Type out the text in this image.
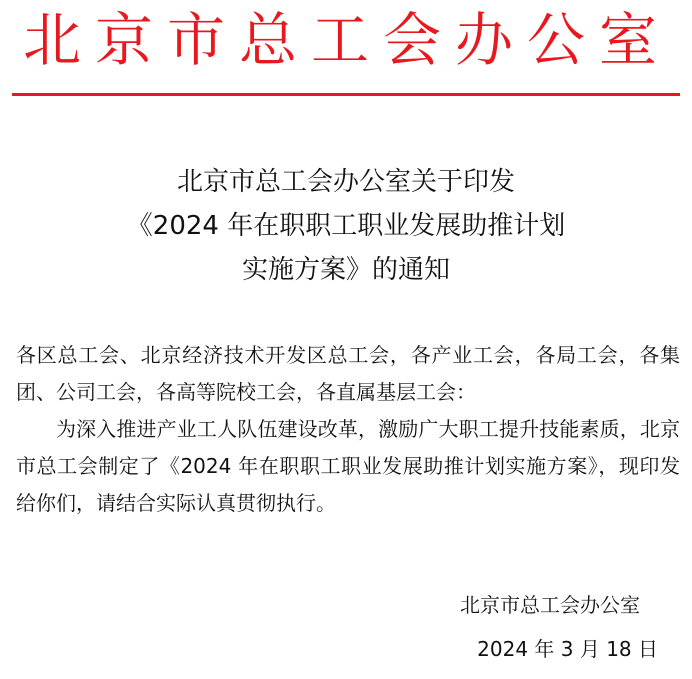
北京市总工会办公室
北京市总工会办公室关于印发
《2024 年在职职工职业发展助推计划
实施方案》的通知

各区总工会、北京经济技术开发区总工会，各产业工会，各局工会，各集团、公司工会，各高等院校工会，各直属基层工会：

为深入推进产业工人队伍建设改革，激励广大职工提升技能素质，北京市总工会制定了《2024 年在职职工职业发展助推计划实施方案》，现印发给你们，请结合实际认真贯彻执行。

北京市总工会办公室
2024 年 3 月 18 日
